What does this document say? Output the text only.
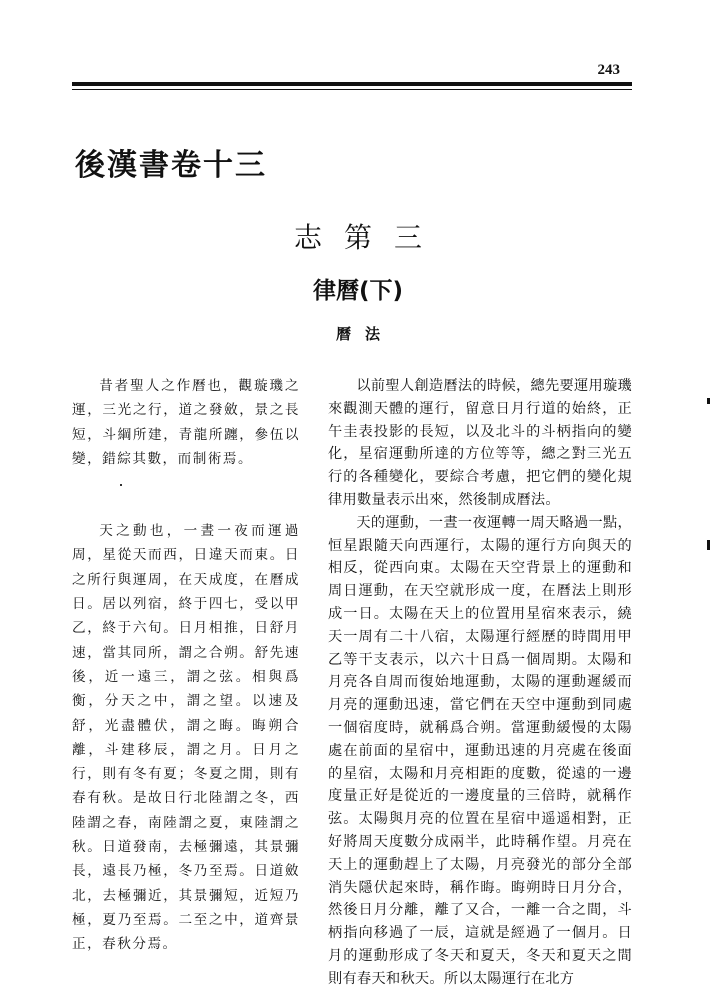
243
後漢書卷十三
志第三
律曆(下)
曆法

昔者聖人之作曆也，觀璇璣之運，三光之行，道之發斂，景之長短，斗綱所建，青龍所躔，參伍以變，錯綜其數，而制術焉。

天之動也，一晝一夜而運過周，星從天而西，日違天而東。日之所行與運周，在天成度，在曆成日。居以列宿，終于四七，受以甲乙，終于六旬。日月相推，日舒月速，當其同所，謂之合朔。舒先速後，近一遠三，謂之弦。相與爲衡，分天之中，謂之望。以速及舒，光盡體伏，謂之晦。晦朔合離，斗建移辰，謂之月。日月之行，則有冬有夏；冬夏之閒，則有春有秋。是故日行北陸謂之冬，西陸謂之春，南陸謂之夏，東陸謂之秋。日道發南，去極彌遠，其景彌長，遠長乃極，冬乃至焉。日道斂北，去極彌近，其景彌短，近短乃極，夏乃至焉。二至之中，道齊景正，春秋分焉。

以前聖人創造曆法的時候，總先要運用璇璣來觀測天體的運行，留意日月行道的始終，正午圭表投影的長短，以及北斗的斗柄指向的變化，星宿運動所達的方位等等，總之對三光五行的各種變化，要綜合考慮，把它們的變化規律用數量表示出來，然後制成曆法。

天的運動，一晝一夜運轉一周天略過一點，恒星跟隨天向西運行，太陽的運行方向與天的相反，從西向東。太陽在天空背景上的運動和周日運動，在天空就形成一度，在曆法上則形成一日。太陽在天上的位置用星宿來表示，繞天一周有二十八宿，太陽運行經歷的時間用甲乙等干支表示，以六十日爲一個周期。太陽和月亮各自周而復始地運動，太陽的運動遲緩而月亮的運動迅速，當它們在天空中運動到同處一個宿度時，就稱爲合朔。當運動緩慢的太陽處在前面的星宿中，運動迅速的月亮處在後面的星宿，太陽和月亮相距的度數，從遠的一邊度量正好是從近的一邊度量的三倍時，就稱作弦。太陽與月亮的位置在星宿中遥遥相對，正好將周天度數分成兩半，此時稱作望。月亮在天上的運動趕上了太陽，月亮發光的部分全部消失隱伏起來時，稱作晦。晦朔時日月分合，然後日月分離，離了又合，一離一合之間，斗柄指向移過了一辰，這就是經過了一個月。日月的運動形成了冬天和夏天，冬天和夏天之間則有春天和秋天。所以太陽運行在北方
